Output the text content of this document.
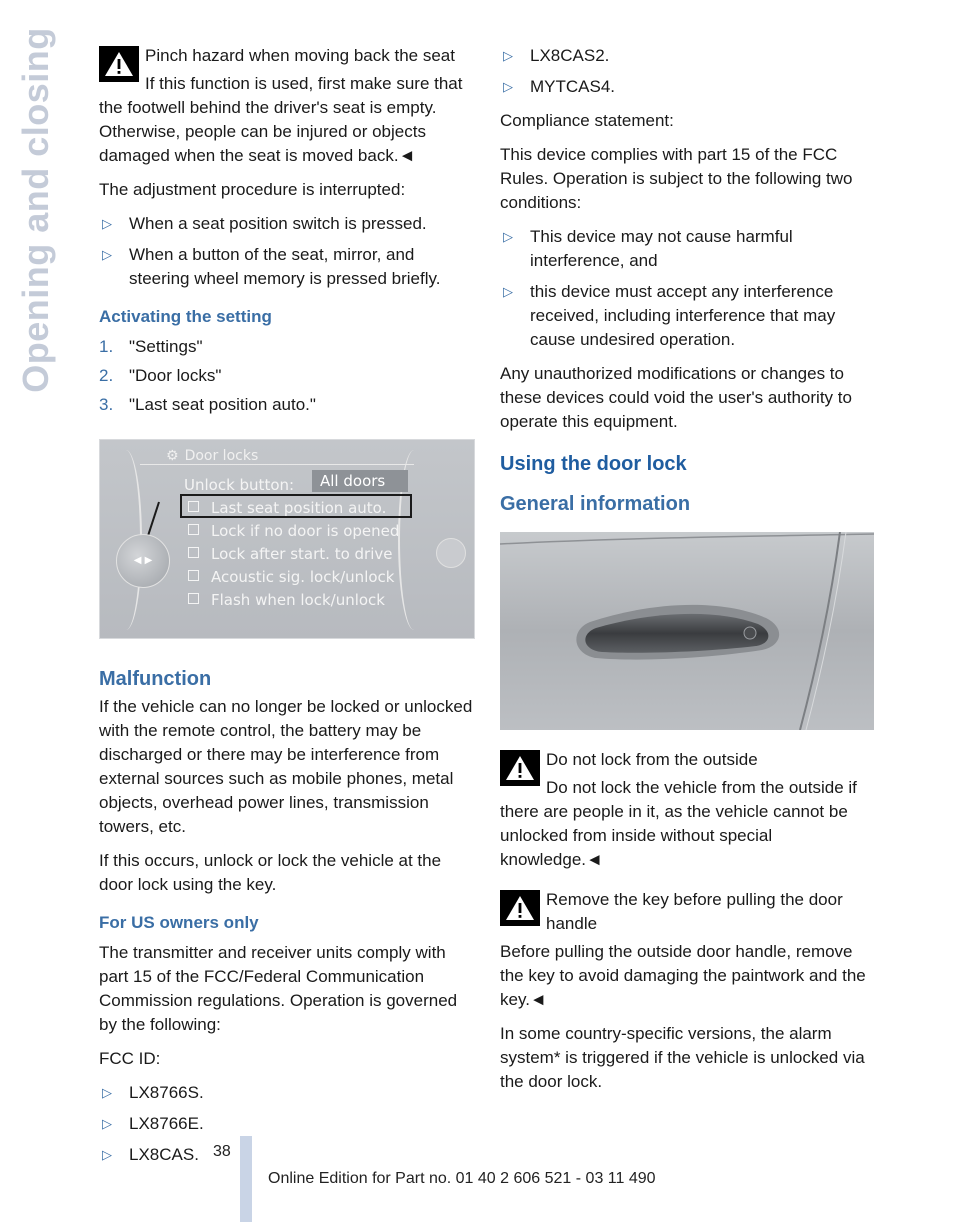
Opening and closing	Pinch hazard when moving back the seat
If this function is used, first make sure that the footwell behind the driver's seat is empty. Otherwise, people can be injured or objects damaged when the seat is moved back.◄

The adjustment procedure is interrupted:

▷ When a seat position switch is pressed.
▷ When a button of the seat, mirror, and steering wheel memory is pressed briefly.
Activating the setting
1. "Settings"
2. "Door locks"
3. "Last seat position auto."
⚙ Door locks
Unlock button:	All doors
Last seat position auto.
Lock if no door is opened
Lock after start. to drive
Acoustic sig. lock/unlock
Flash when lock/unlock
◀ ▶
Malfunction

If the vehicle can no longer be locked or unlocked with the remote control, the battery may be discharged or there may be interference from external sources such as mobile phones, metal objects, overhead power lines, transmission towers, etc.

If this occurs, unlock or lock the vehicle at the door lock using the key.

For US owners only

The transmitter and receiver units comply with part 15 of the FCC/Federal Communication Commission regulations. Operation is governed by the following:

FCC ID:

▷ LX8766S.
▷ LX8766E.
▷ LX8CAS.
▷ LX8CAS2.
▷ MYTCAS4.

Compliance statement:

This device complies with part 15 of the FCC Rules. Operation is subject to the following two conditions:

▷ This device may not cause harmful interference, and
▷ this device must accept any interference received, including interference that may cause undesired operation.

Any unauthorized modifications or changes to these devices could void the user's authority to operate this equipment.

Using the door lock
General information
Do not lock from the outside
Do not lock the vehicle from the outside if there are people in it, as the vehicle cannot be unlocked from inside without special knowledge.◄
Remove the key before pulling the door handle
Before pulling the outside door handle, remove the key to avoid damaging the paintwork and the key.◄

In some country-specific versions, the alarm system* is triggered if the vehicle is unlocked via the door lock.

38
Online Edition for Part no. 01 40 2 606 521 - 03 11 490
